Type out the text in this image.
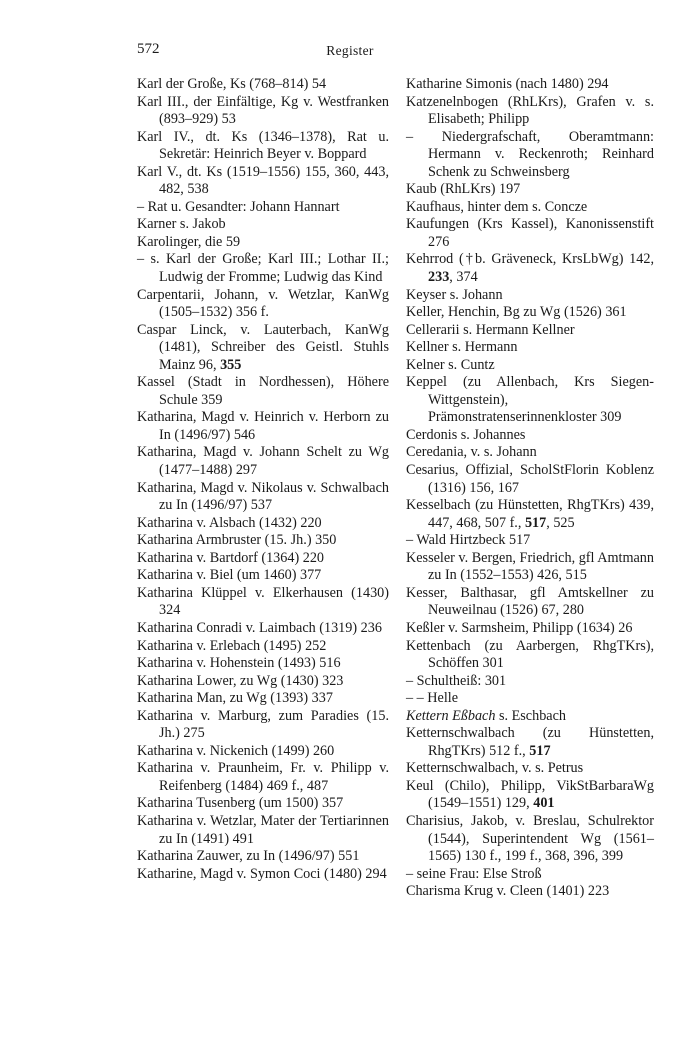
572	Register
Karl der Große, Ks (768–814) 54
Karl III., der Einfältige, Kg v. Westfranken (893–929) 53
Karl IV., dt. Ks (1346–1378), Rat u. Sekretär: Heinrich Beyer v. Boppard
Karl V., dt. Ks (1519–1556) 155, 360, 443, 482, 538
– Rat u. Gesandter: Johann Hannart
Karner s. Jakob
Karolinger, die 59
– s. Karl der Große; Karl III.; Lothar II.; Ludwig der Fromme; Ludwig das Kind
Carpentarii, Johann, v. Wetzlar, KanWg (1505–1532) 356 f.
Caspar Linck, v. Lauterbach, KanWg (1481), Schreiber des Geistl. Stuhls Mainz 96, 355
Kassel (Stadt in Nordhessen), Höhere Schule 359
Katharina, Magd v. Heinrich v. Herborn zu In (1496/97) 546
Katharina, Magd v. Johann Schelt zu Wg (1477–1488) 297
Katharina, Magd v. Nikolaus v. Schwalbach zu In (1496/97) 537
Katharina v. Alsbach (1432) 220
Katharina Armbruster (15. Jh.) 350
Katharina v. Bartdorf (1364) 220
Katharina v. Biel (um 1460) 377
Katharina Klüppel v. Elkerhausen (1430) 324
Katharina Conradi v. Laimbach (1319) 236
Katharina v. Erlebach (1495) 252
Katharina v. Hohenstein (1493) 516
Katharina Lower, zu Wg (1430) 323
Katharina Man, zu Wg (1393) 337
Katharina v. Marburg, zum Paradies (15. Jh.) 275
Katharina v. Nickenich (1499) 260
Katharina v. Praunheim, Fr. v. Philipp v. Reifenberg (1484) 469 f., 487
Katharina Tusenberg (um 1500) 357
Katharina v. Wetzlar, Mater der Tertiarinnen zu In (1491) 491
Katharina Zauwer, zu In (1496/97) 551
Katharine, Magd v. Symon Coci (1480) 294
Katharine Simonis (nach 1480) 294
Katzenelnbogen (RhLKrs), Grafen v. s. Elisabeth; Philipp
– Niedergrafschaft, Oberamtmann: Hermann v. Reckenroth; Reinhard Schenk zu Schweinsberg
Kaub (RhLKrs) 197
Kaufhaus, hinter dem s. Concze
Kaufungen (Krs Kassel), Kanonissenstift 276
Kehrrod (†b. Gräveneck, KrsLbWg) 142, 233, 374
Keyser s. Johann
Keller, Henchin, Bg zu Wg (1526) 361
Cellerarii s. Hermann Kellner
Kellner s. Hermann
Kelner s. Cuntz
Keppel (zu Allenbach, Krs Siegen-Wittgenstein), Prämonstratenserinnenkloster 309
Cerdonis s. Johannes
Ceredania, v. s. Johann
Cesarius, Offizial, ScholStFlorin Koblenz (1316) 156, 167
Kesselbach (zu Hünstetten, RhgTKrs) 439, 447, 468, 507 f., 517, 525
– Wald Hirtzbeck 517
Kesseler v. Bergen, Friedrich, gfl Amtmann zu In (1552–1553) 426, 515
Kesser, Balthasar, gfl Amtskellner zu Neuweilnau (1526) 67, 280
Keßler v. Sarmsheim, Philipp (1634) 26
Kettenbach (zu Aarbergen, RhgTKrs), Schöffen 301
– Schultheiß: 301
– – Helle
Kettern Eßbach s. Eschbach
Ketternschwalbach (zu Hünstetten, RhgTKrs) 512 f., 517
Ketternschwalbach, v. s. Petrus
Keul (Chilo), Philipp, VikStBarbaraWg (1549–1551) 129, 401
Charisius, Jakob, v. Breslau, Schulrektor (1544), Superintendent Wg (1561–1565) 130 f., 199 f., 368, 396, 399
– seine Frau: Else Stroß
Charisma Krug v. Cleen (1401) 223
